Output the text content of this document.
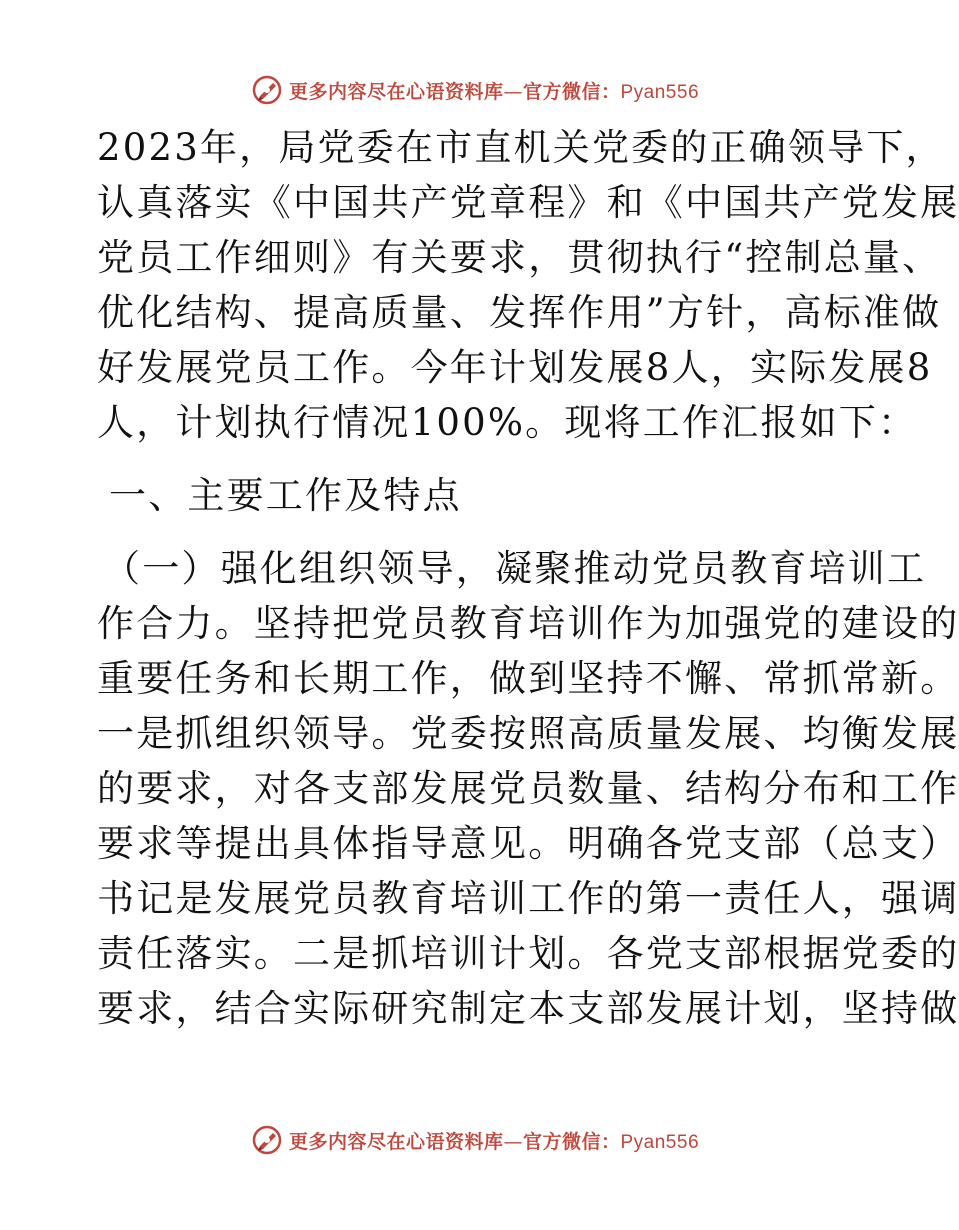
更多内容尽在心语资料库—官方微信：Pyan556
2023年，局党委在市直机关党委的正确领导下，
认真落实《中国共产党章程》和《中国共产党发展
党员工作细则》有关要求，贯彻执行“控制总量、
优化结构、提高质量、发挥作用”方针，高标准做
好发展党员工作。今年计划发展8人，实际发展8
人，计划执行情况100%。现将工作汇报如下：
一、主要工作及特点
（一）强化组织领导，凝聚推动党员教育培训工
作合力。坚持把党员教育培训作为加强党的建设的
重要任务和长期工作，做到坚持不懈、常抓常新。
一是抓组织领导。党委按照高质量发展、均衡发展
的要求，对各支部发展党员数量、结构分布和工作
要求等提出具体指导意见。明确各党支部（总支）
书记是发展党员教育培训工作的第一责任人，强调
责任落实。二是抓培训计划。各党支部根据党委的
要求，结合实际研究制定本支部发展计划，坚持做
更多内容尽在心语资料库—官方微信：Pyan556
